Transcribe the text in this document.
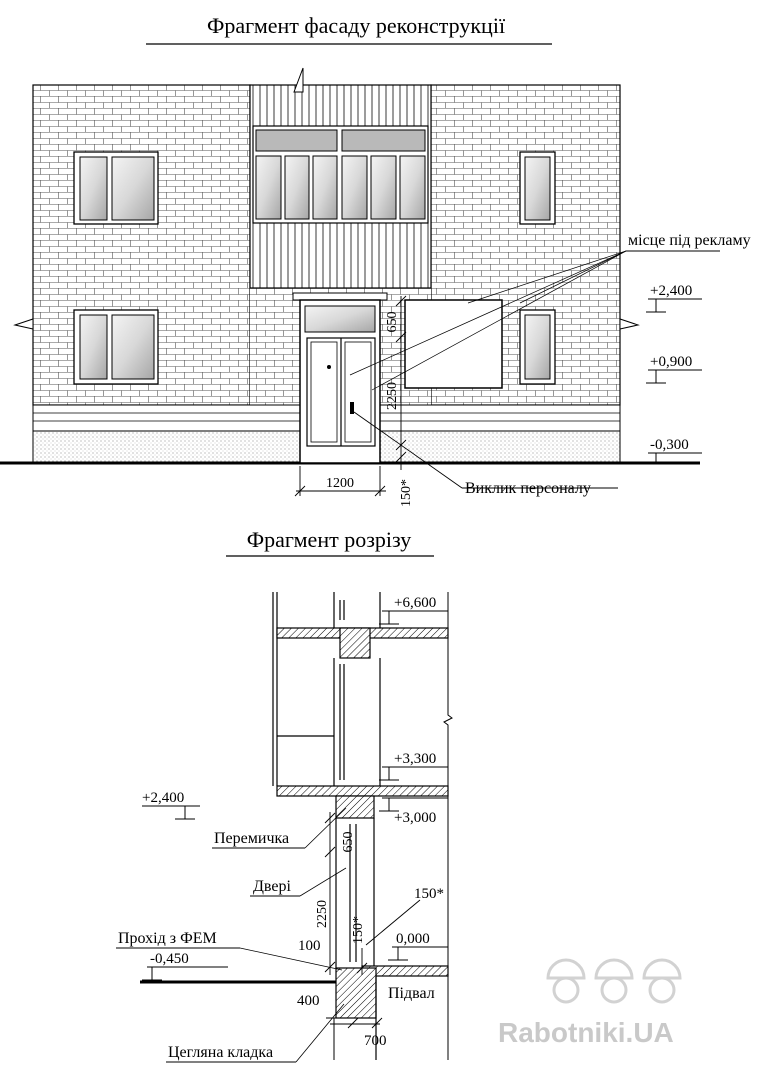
Фрагмент фасаду реконструкції
місце під рекламу
650
2250
150*
1200	Виклик персоналу
+2,400
+0,900
-0,300
Фрагмент розрізу
+6,600
+3,300
+3,000
+2,400
0,000
-0,450
650
2250
150*
150*
100
400
700
Перемичка
Двері
Прохід з ФЕМ
Підвал
Цегляна кладка
Rabotniki.UA
